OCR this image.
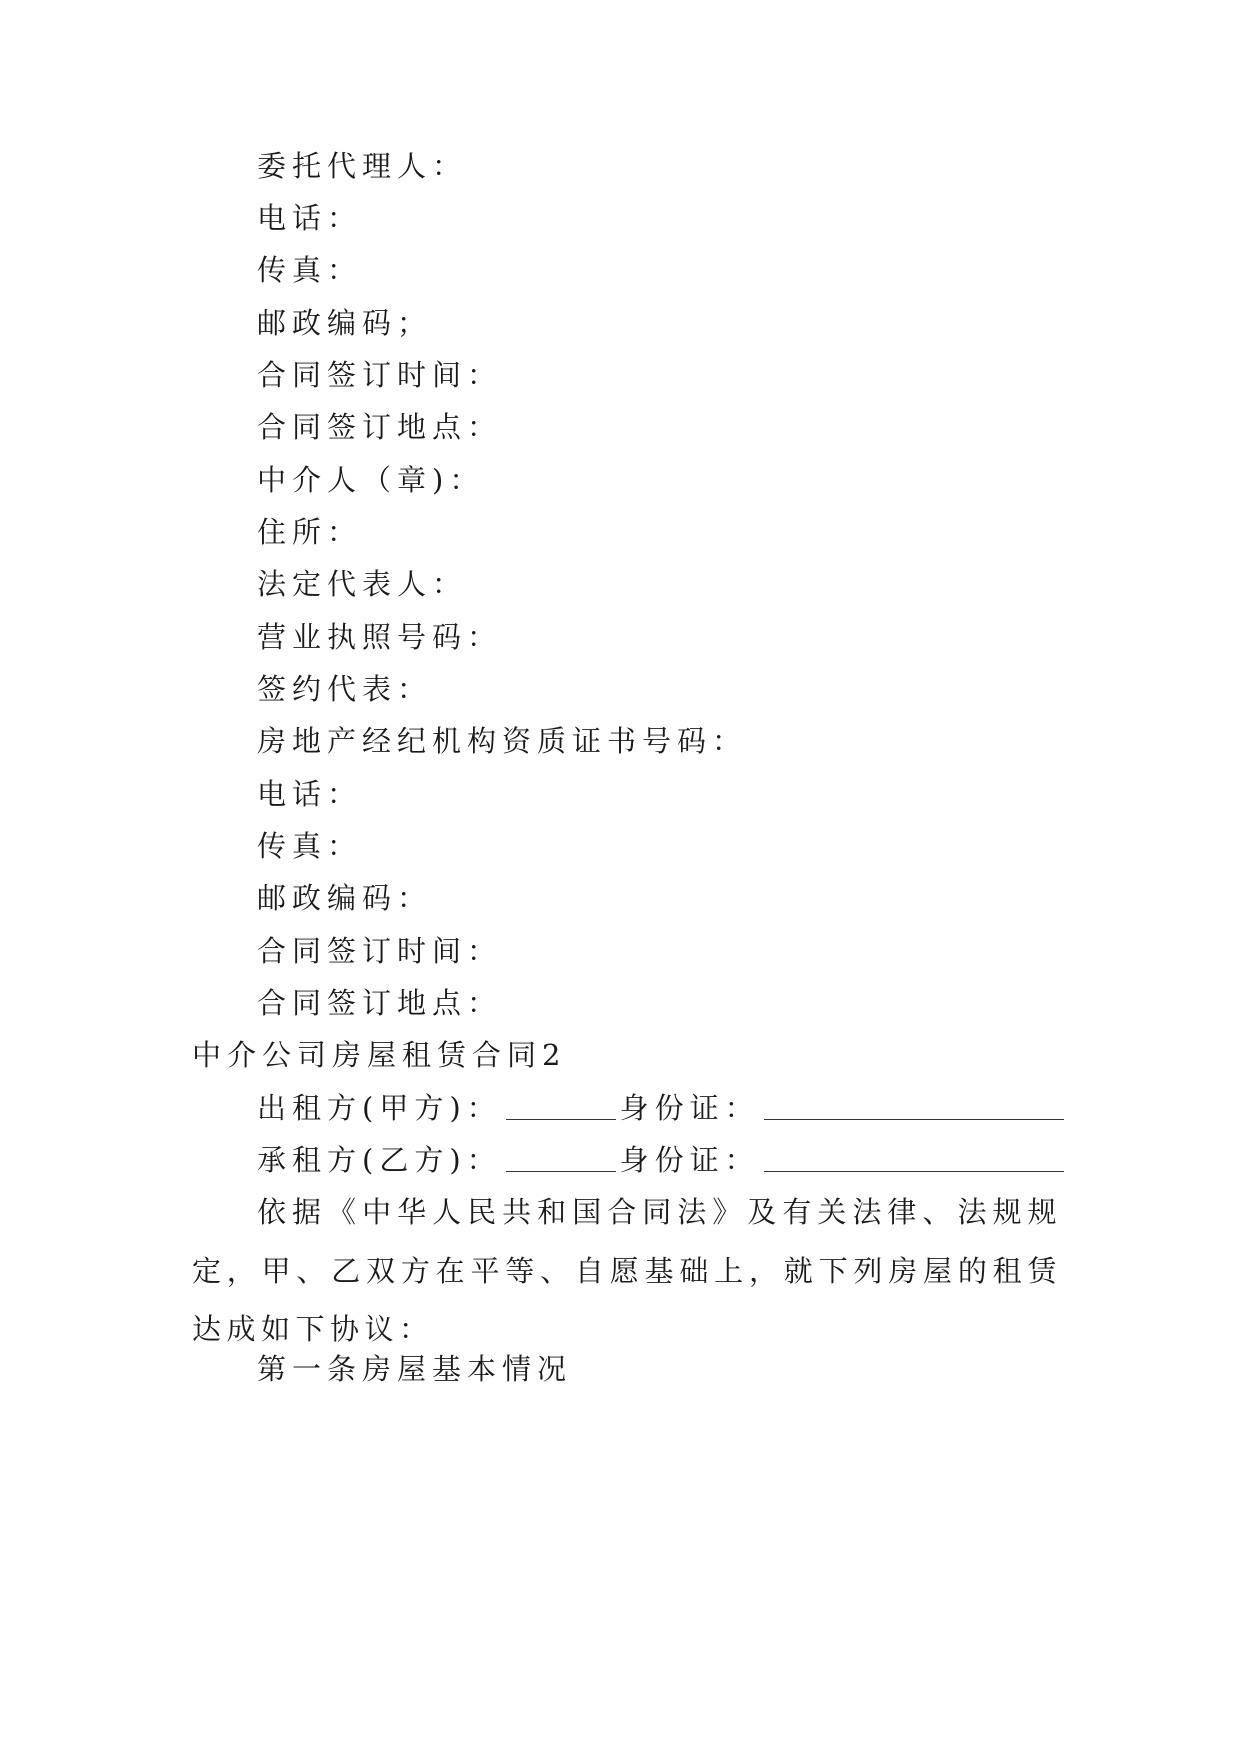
委托代理人：
电话：
传真：
邮政编码；
合同签订时间：
合同签订地点：
中介人（章)：
住所：
法定代表人：
营业执照号码：
签约代表：
房地产经纪机构资质证书号码：
电话：
传真：
邮政编码：
合同签订时间：
合同签订地点：
中介公司房屋租赁合同2
出租方(甲方)：	身份证：
承租方(乙方)：	身份证：
依据《中华人民共和国合同法》及有关法律、法规规定，甲、乙双方在平等、自愿基础上，就下列房屋的租赁达成如下协议：
第一条房屋基本情况
